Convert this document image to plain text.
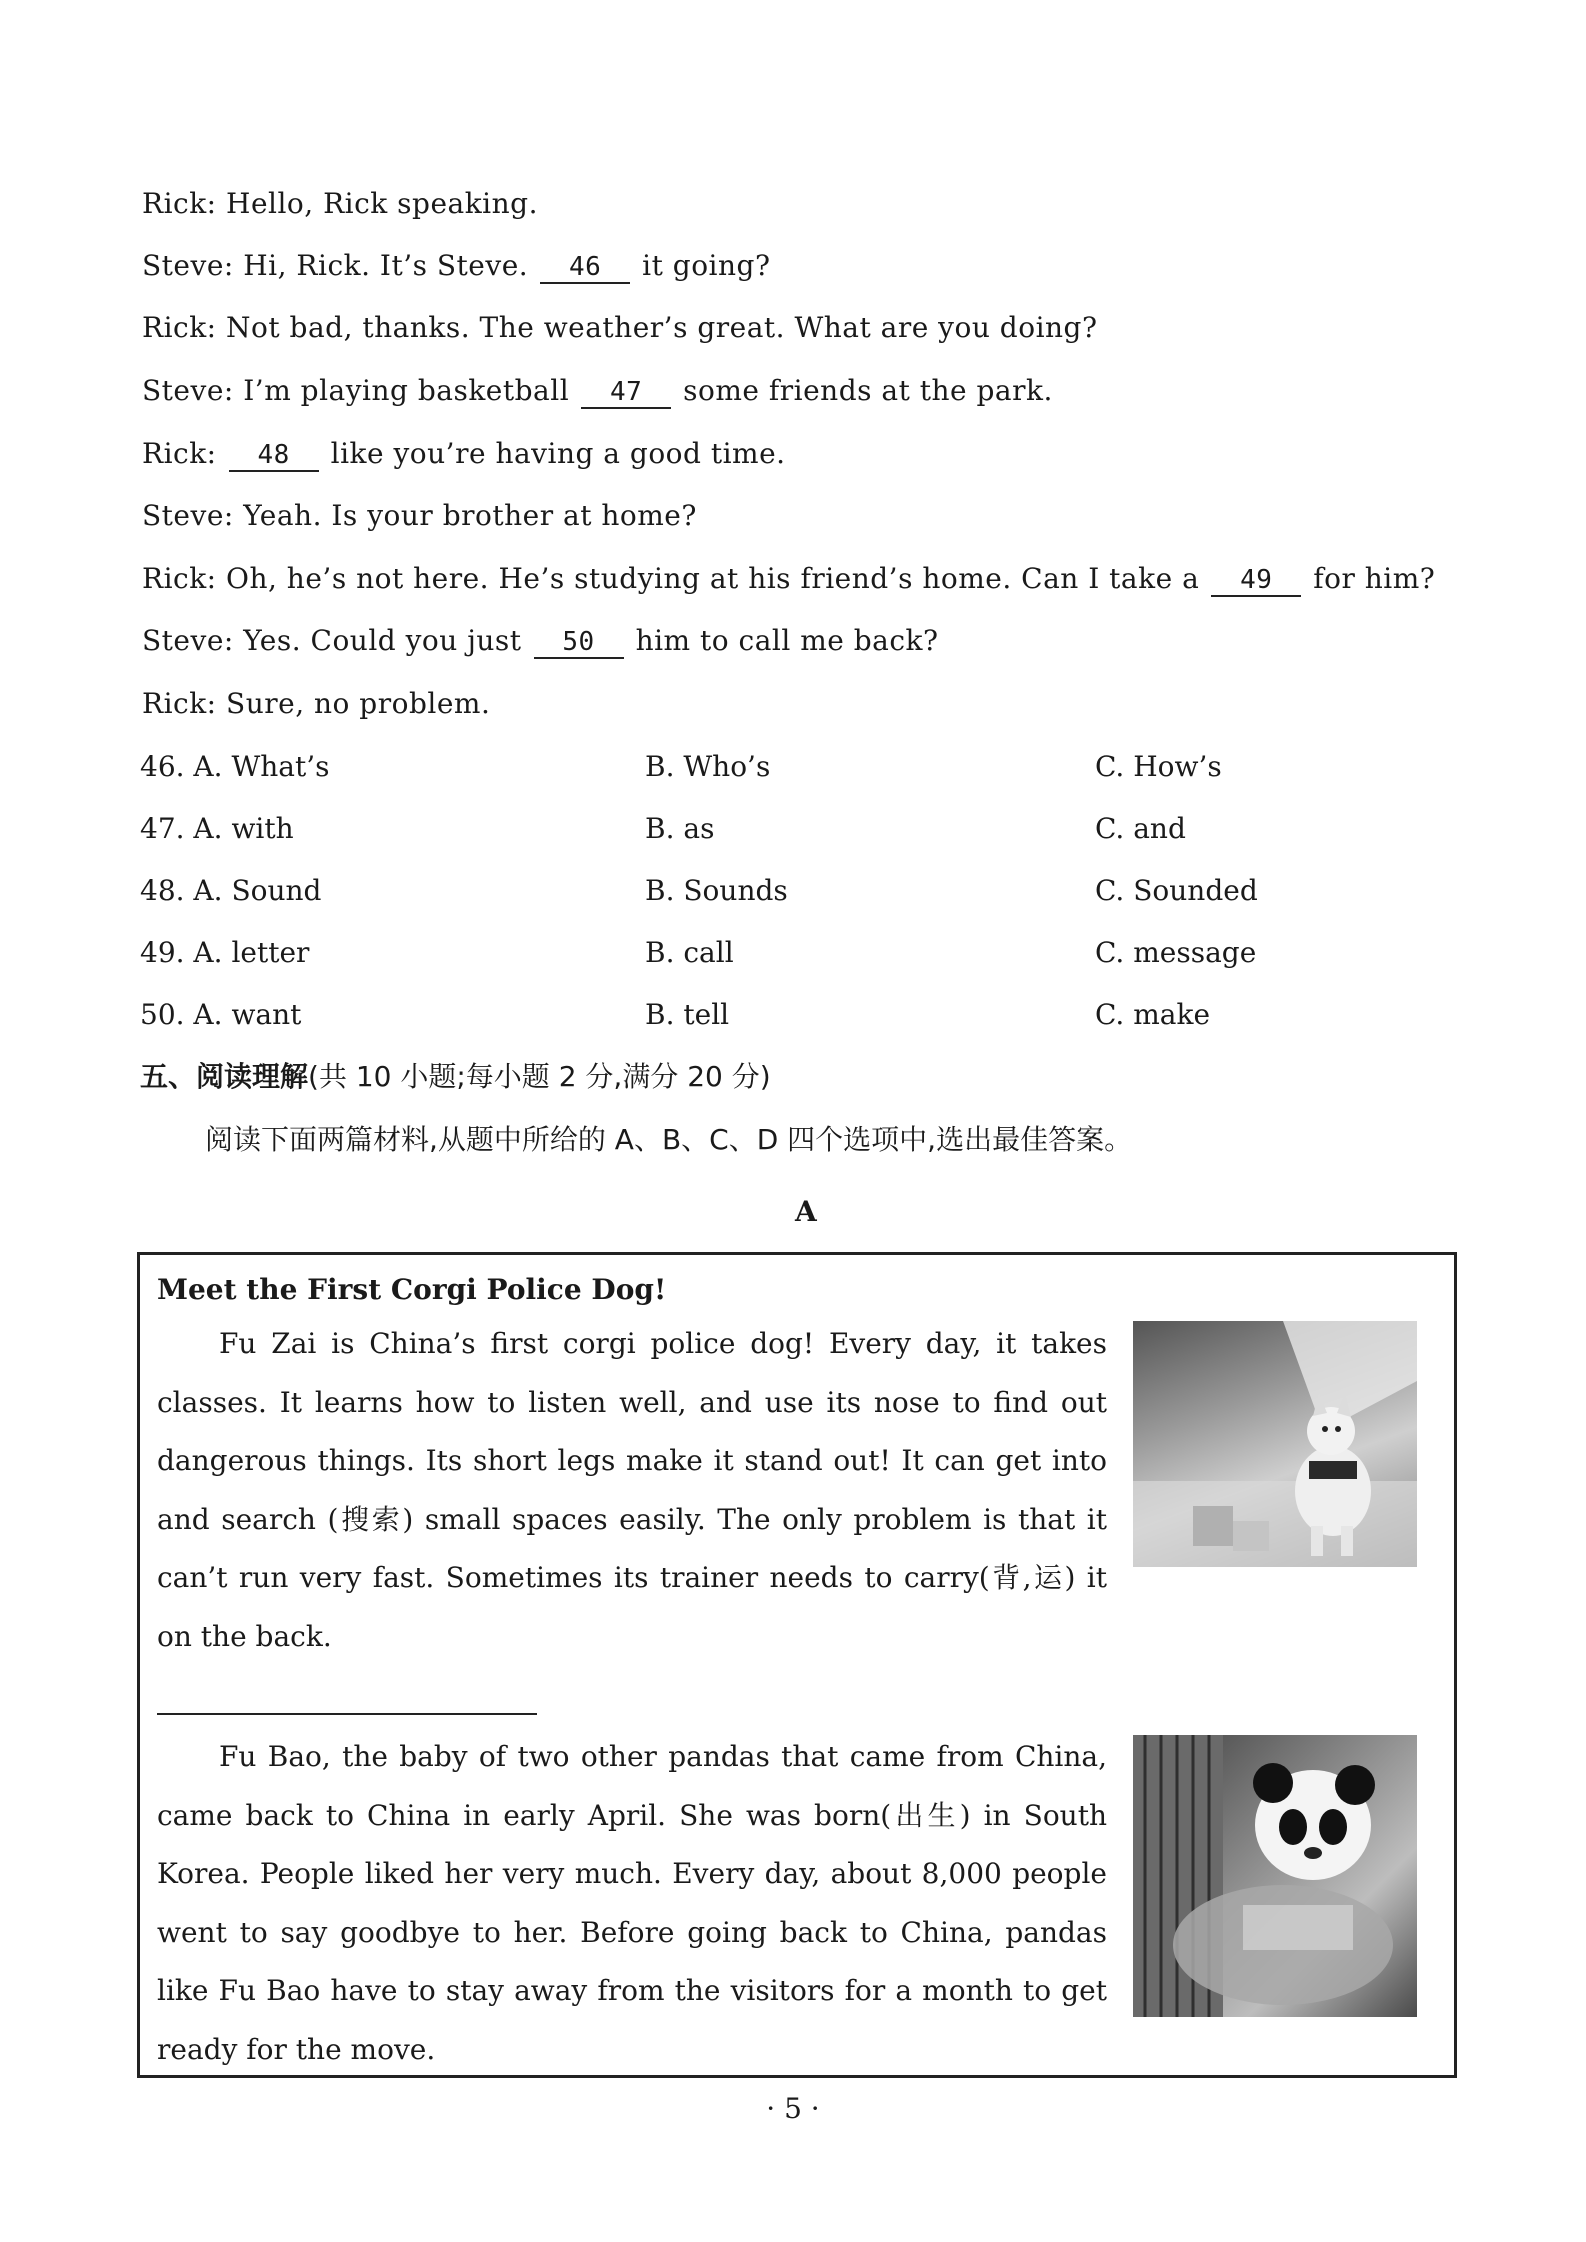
Rick: Hello, Rick speaking.
Steve: Hi, Rick. It’s Steve. 46 it going?
Rick: Not bad, thanks. The weather’s great. What are you doing?
Steve: I’m playing basketball 47 some friends at the park.
Rick: 48 like you’re having a good time.
Steve: Yeah. Is your brother at home?
Rick: Oh, he’s not here. He’s studying at his friend’s home. Can I take a 49 for him?
Steve: Yes. Could you just 50 him to call me back?
Rick: Sure, no problem.
46. A. What’s	B. Who’s	C. How’s
47. A. with	B. as	C. and
48. A. Sound	B. Sounds	C. Sounded
49. A. letter	B. call	C. message
50. A. want	B. tell	C. make
五、阅读理解(共 10 小题;每小题 2 分,满分 20 分)
阅读下面两篇材料,从题中所给的 A、B、C、D 四个选项中,选出最佳答案。
A
Meet the First Corgi Police Dog!
Fu Zai is China’s first corgi police dog! Every day, it takes classes. It learns how to listen well, and use its nose to find out dangerous things. Its short legs make it stand out! It can get into and search (搜索) small spaces easily. The only problem is that it can’t run very fast. Sometimes its trainer needs to carry(背,运) it on the back.
Fu Bao, the baby of two other pandas that came from China, came back to China in early April. She was born(出生) in South Korea. People liked her very much. Every day, about 8,000 people went to say goodbye to her. Before going back to China, pandas like Fu Bao have to stay away from the visitors for a month to get ready for the move.
· 5 ·
